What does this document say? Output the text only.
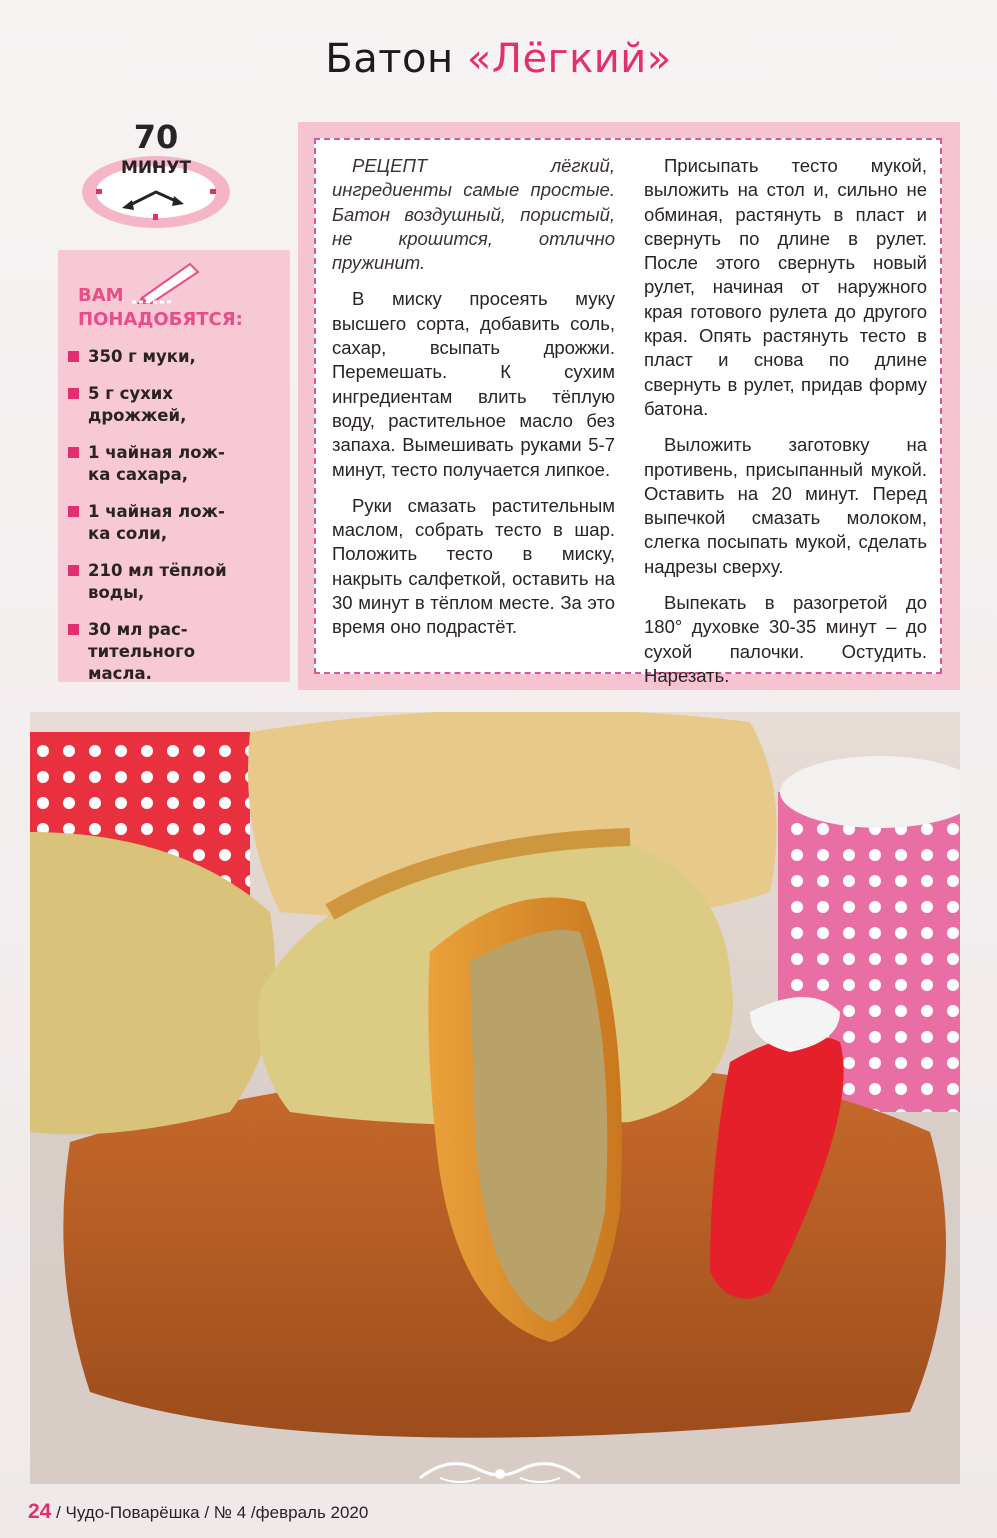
Батон «Лёгкий»
70
МИНУТ
ВАМ
ПОНАДОБЯТСЯ:
350 г муки,
5 г сухих
дрожжей,
1 чайная лож-
ка сахара,
1 чайная лож-
ка соли,
210 мл тёплой
воды,
30 мл рас-
тительного
масла.

РЕЦЕПТ лёгкий, ингредиенты самые простые. Батон воздушный, пористый, не крошится, отлично пружинит.

В миску просеять муку высшего сорта, добавить соль, сахар, всыпать дрожжи. Перемешать. К сухим ингредиентам влить тёплую воду, растительное масло без запаха. Вымешивать руками 5-7 минут, тесто получается липкое.

Руки смазать растительным маслом, собрать тесто в шар. Положить тесто в миску, накрыть салфеткой, оставить на 30 минут в тёплом месте. За это время оно подрастёт.

Присыпать тесто мукой, выложить на стол и, сильно не обминая, растянуть в пласт и свернуть по длине в рулет. После этого свернуть новый рулет, начиная от наружного края готового рулета до другого края. Опять растянуть тесто в пласт и снова по длине свернуть в рулет, придав форму батона.

Выложить заготовку на противень, присыпанный мукой. Оставить на 20 минут. Перед выпечкой смазать молоком, слегка посыпать мукой, сделать надрезы сверху.

Выпекать в разогретой до 180° духовке 30-35 минут – до сухой палочки. Остудить. Нарезать.

24 / Чудо-Поварёшка / № 4 /февраль 2020
